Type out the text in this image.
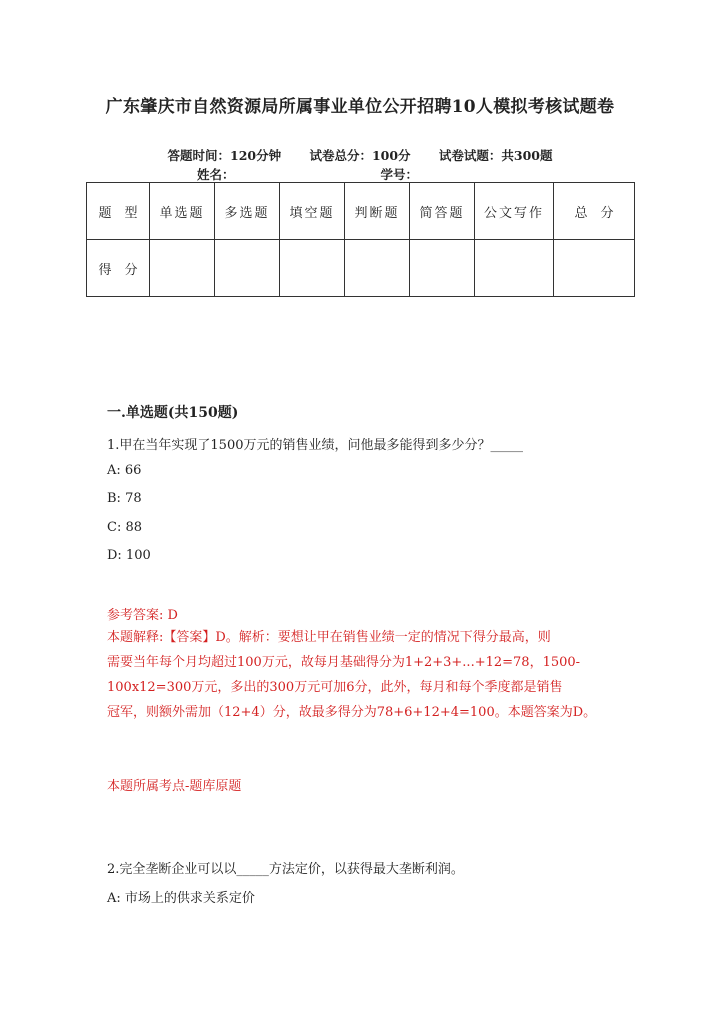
广东肇庆市自然资源局所属事业单位公开招聘10人模拟考核试题卷
答题时间：120分钟 试卷总分：100分 试卷试题：共300题
姓名：	学号：
题　型	单选题	多选题	填空题	判断题	简答题	公文写作	总　分
得　分							
一.单选题(共150题)
1.甲在当年实现了1500万元的销售业绩，问他最多能得到多少分？_____
A: 66
B: 78
C: 88
D: 100
参考答案: D
本题解释:【答案】D。解析：要想让甲在销售业绩一定的情况下得分最高，则
需要当年每个月均超过100万元，故每月基础得分为1+2+3+...+12=78，1500-
100x12=300万元，多出的300万元可加6分，此外，每月和每个季度都是销售
冠军，则额外需加（12+4）分，故最多得分为78+6+12+4=100。本题答案为D。
本题所属考点-题库原题
2.完全垄断企业可以以_____方法定价，以获得最大垄断利润。
A: 市场上的供求关系定价
